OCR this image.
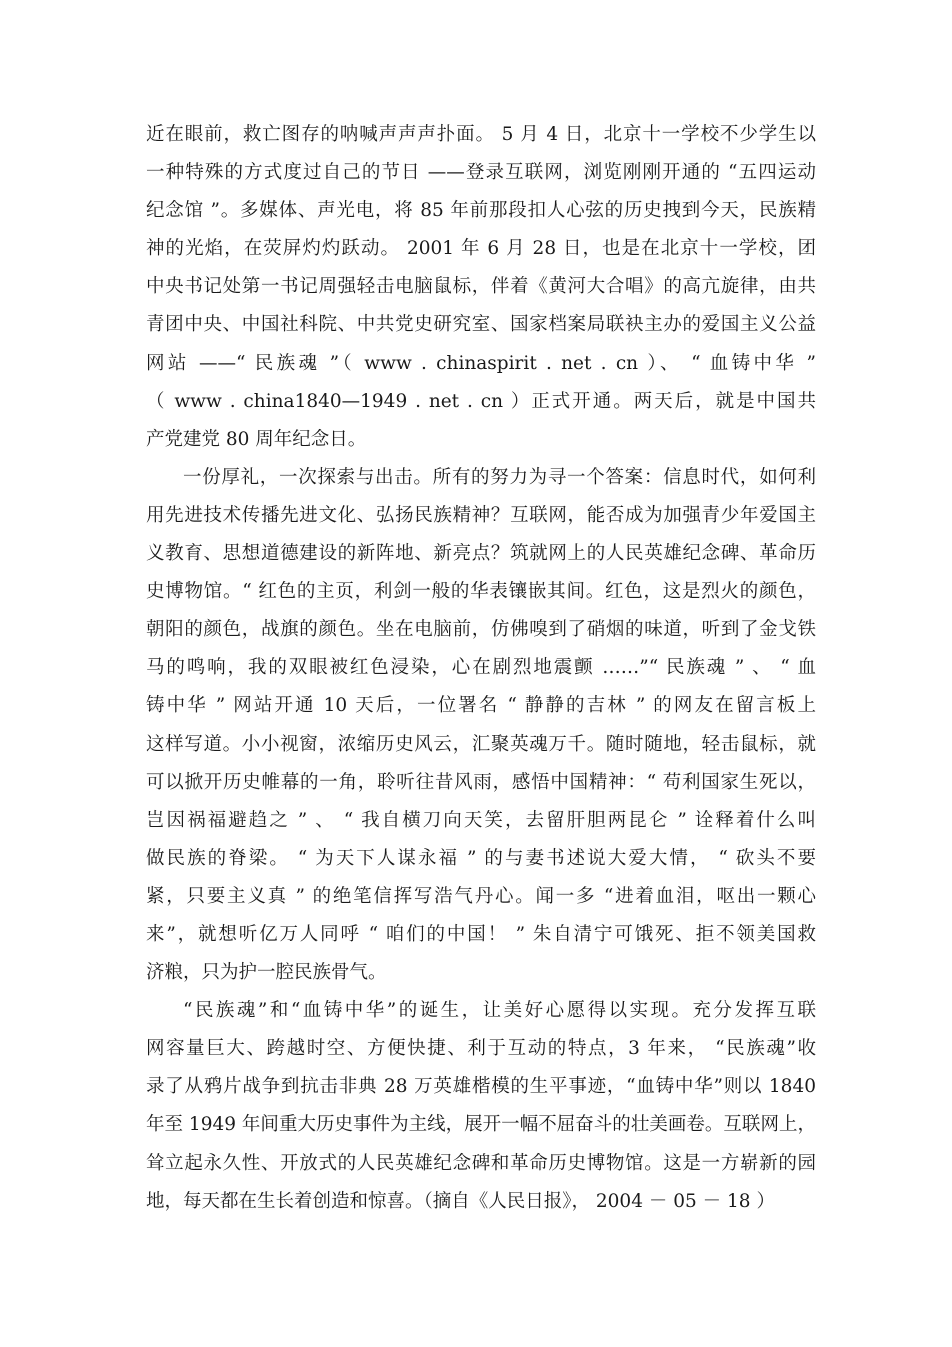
近在眼前，救亡图存的呐喊声声声扑面。 5 月 4 日，北京十一学校不少学生以
一种特殊的方式度过自己的节日 ——登录互联网，浏览刚刚开通的 “五四运动
纪念馆 ”。多媒体、声光电，将 85 年前那段扣人心弦的历史拽到今天，民族精
神的光焰，在荧屏灼灼跃动。 2001 年 6 月 28 日，也是在北京十一学校，团
中央书记处第一书记周强轻击电脑鼠标，伴着《黄河大合唱》的高亢旋律，由共
青团中央、中国社科院、中共党史研究室、国家档案局联袂主办的爱国主义公益
网站 ——“ 民族魂 ”（ www . chinaspirit . net . cn ）、 “ 血铸中华 ”
（ www . china1840—1949 . net . cn ）正式开通。两天后，就是中国共
产党建党 80 周年纪念日。
一份厚礼，一次探索与出击。所有的努力为寻一个答案：信息时代，如何利
用先进技术传播先进文化、弘扬民族精神？互联网，能否成为加强青少年爱国主
义教育、思想道德建设的新阵地、新亮点？筑就网上的人民英雄纪念碑、革命历
史博物馆。“ 红色的主页，利剑一般的华表镶嵌其间。红色，这是烈火的颜色，
朝阳的颜色，战旗的颜色。坐在电脑前，仿佛嗅到了硝烟的味道，听到了金戈铁
马的鸣响，我的双眼被红色浸染，心在剧烈地震颤 ……”“ 民族魂 ” 、 “ 血
铸中华 ” 网站开通 10 天后，一位署名 “ 静静的吉林 ” 的网友在留言板上
这样写道。小小视窗，浓缩历史风云，汇聚英魂万千。随时随地，轻击鼠标，就
可以掀开历史帷幕的一角，聆听往昔风雨，感悟中国精神：“ 苟利国家生死以，
岂因祸福避趋之 ” 、 “ 我自横刀向天笑，去留肝胆两昆仑 ” 诠释着什么叫
做民族的脊梁。 “ 为天下人谋永福 ” 的与妻书述说大爱大情， “ 砍头不要
紧，只要主义真 ” 的绝笔信挥写浩气丹心。闻一多 “进着血泪，呕出一颗心
来”，就想听亿万人同呼 “ 咱们的中国！ ” 朱自清宁可饿死、拒不领美国救
济粮，只为护一腔民族骨气。
“民族魂”和“血铸中华”的诞生，让美好心愿得以实现。充分发挥互联
网容量巨大、跨越时空、方便快捷、利于互动的特点，3 年来， “民族魂”收
录了从鸦片战争到抗击非典 28 万英雄楷模的生平事迹，“血铸中华”则以 1840
年至 1949 年间重大历史事件为主线，展开一幅不屈奋斗的壮美画卷。互联网上，
耸立起永久性、开放式的人民英雄纪念碑和革命历史博物馆。这是一方崭新的园
地，每天都在生长着创造和惊喜。（摘自《人民日报》， 2004 － 05 － 18 ）
